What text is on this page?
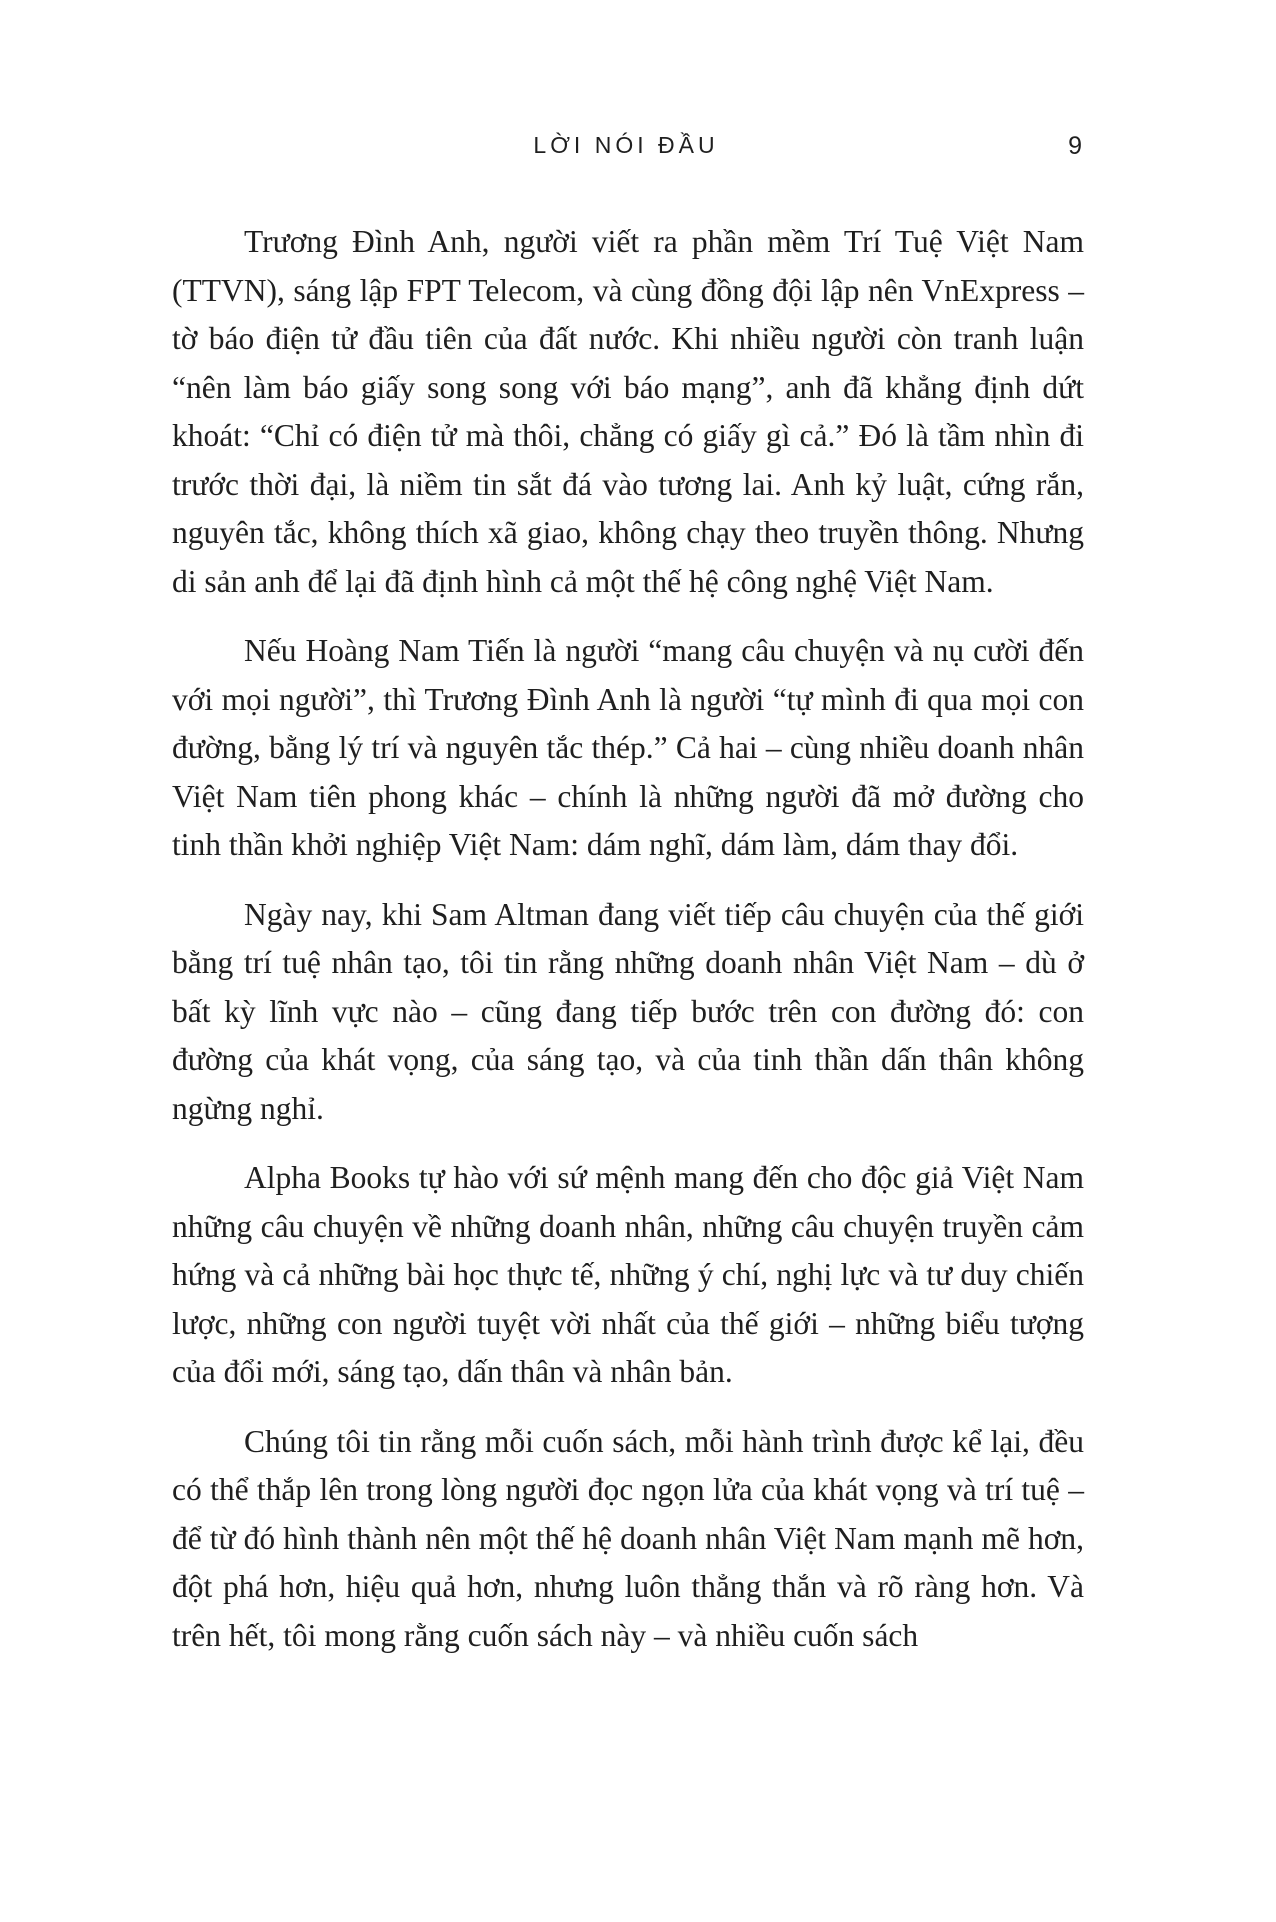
LỜI NÓI ĐẦU	9

Trương Đình Anh, người viết ra phần mềm Trí Tuệ Việt Nam (TTVN), sáng lập FPT Telecom, và cùng đồng đội lập nên VnExpress – tờ báo điện tử đầu tiên của đất nước. Khi nhiều người còn tranh luận “nên làm báo giấy song song với báo mạng”, anh đã khẳng định dứt khoát: “Chỉ có điện tử mà thôi, chẳng có giấy gì cả.” Đó là tầm nhìn đi trước thời đại, là niềm tin sắt đá vào tương lai. Anh kỷ luật, cứng rắn, nguyên tắc, không thích xã giao, không chạy theo truyền thông. Nhưng di sản anh để lại đã định hình cả một thế hệ công nghệ Việt Nam.

Nếu Hoàng Nam Tiến là người “mang câu chuyện và nụ cười đến với mọi người”, thì Trương Đình Anh là người “tự mình đi qua mọi con đường, bằng lý trí và nguyên tắc thép.” Cả hai – cùng nhiều doanh nhân Việt Nam tiên phong khác – chính là những người đã mở đường cho tinh thần khởi nghiệp Việt Nam: dám nghĩ, dám làm, dám thay đổi.

Ngày nay, khi Sam Altman đang viết tiếp câu chuyện của thế giới bằng trí tuệ nhân tạo, tôi tin rằng những doanh nhân Việt Nam – dù ở bất kỳ lĩnh vực nào – cũng đang tiếp bước trên con đường đó: con đường của khát vọng, của sáng tạo, và của tinh thần dấn thân không ngừng nghỉ.

Alpha Books tự hào với sứ mệnh mang đến cho độc giả Việt Nam những câu chuyện về những doanh nhân, những câu chuyện truyền cảm hứng và cả những bài học thực tế, những ý chí, nghị lực và tư duy chiến lược, những con người tuyệt vời nhất của thế giới – những biểu tượng của đổi mới, sáng tạo, dấn thân và nhân bản.

Chúng tôi tin rằng mỗi cuốn sách, mỗi hành trình được kể lại, đều có thể thắp lên trong lòng người đọc ngọn lửa của khát vọng và trí tuệ – để từ đó hình thành nên một thế hệ doanh nhân Việt Nam mạnh mẽ hơn, đột phá hơn, hiệu quả hơn, nhưng luôn thẳng thắn và rõ ràng hơn. Và trên hết, tôi mong rằng cuốn sách này – và nhiều cuốn sách
